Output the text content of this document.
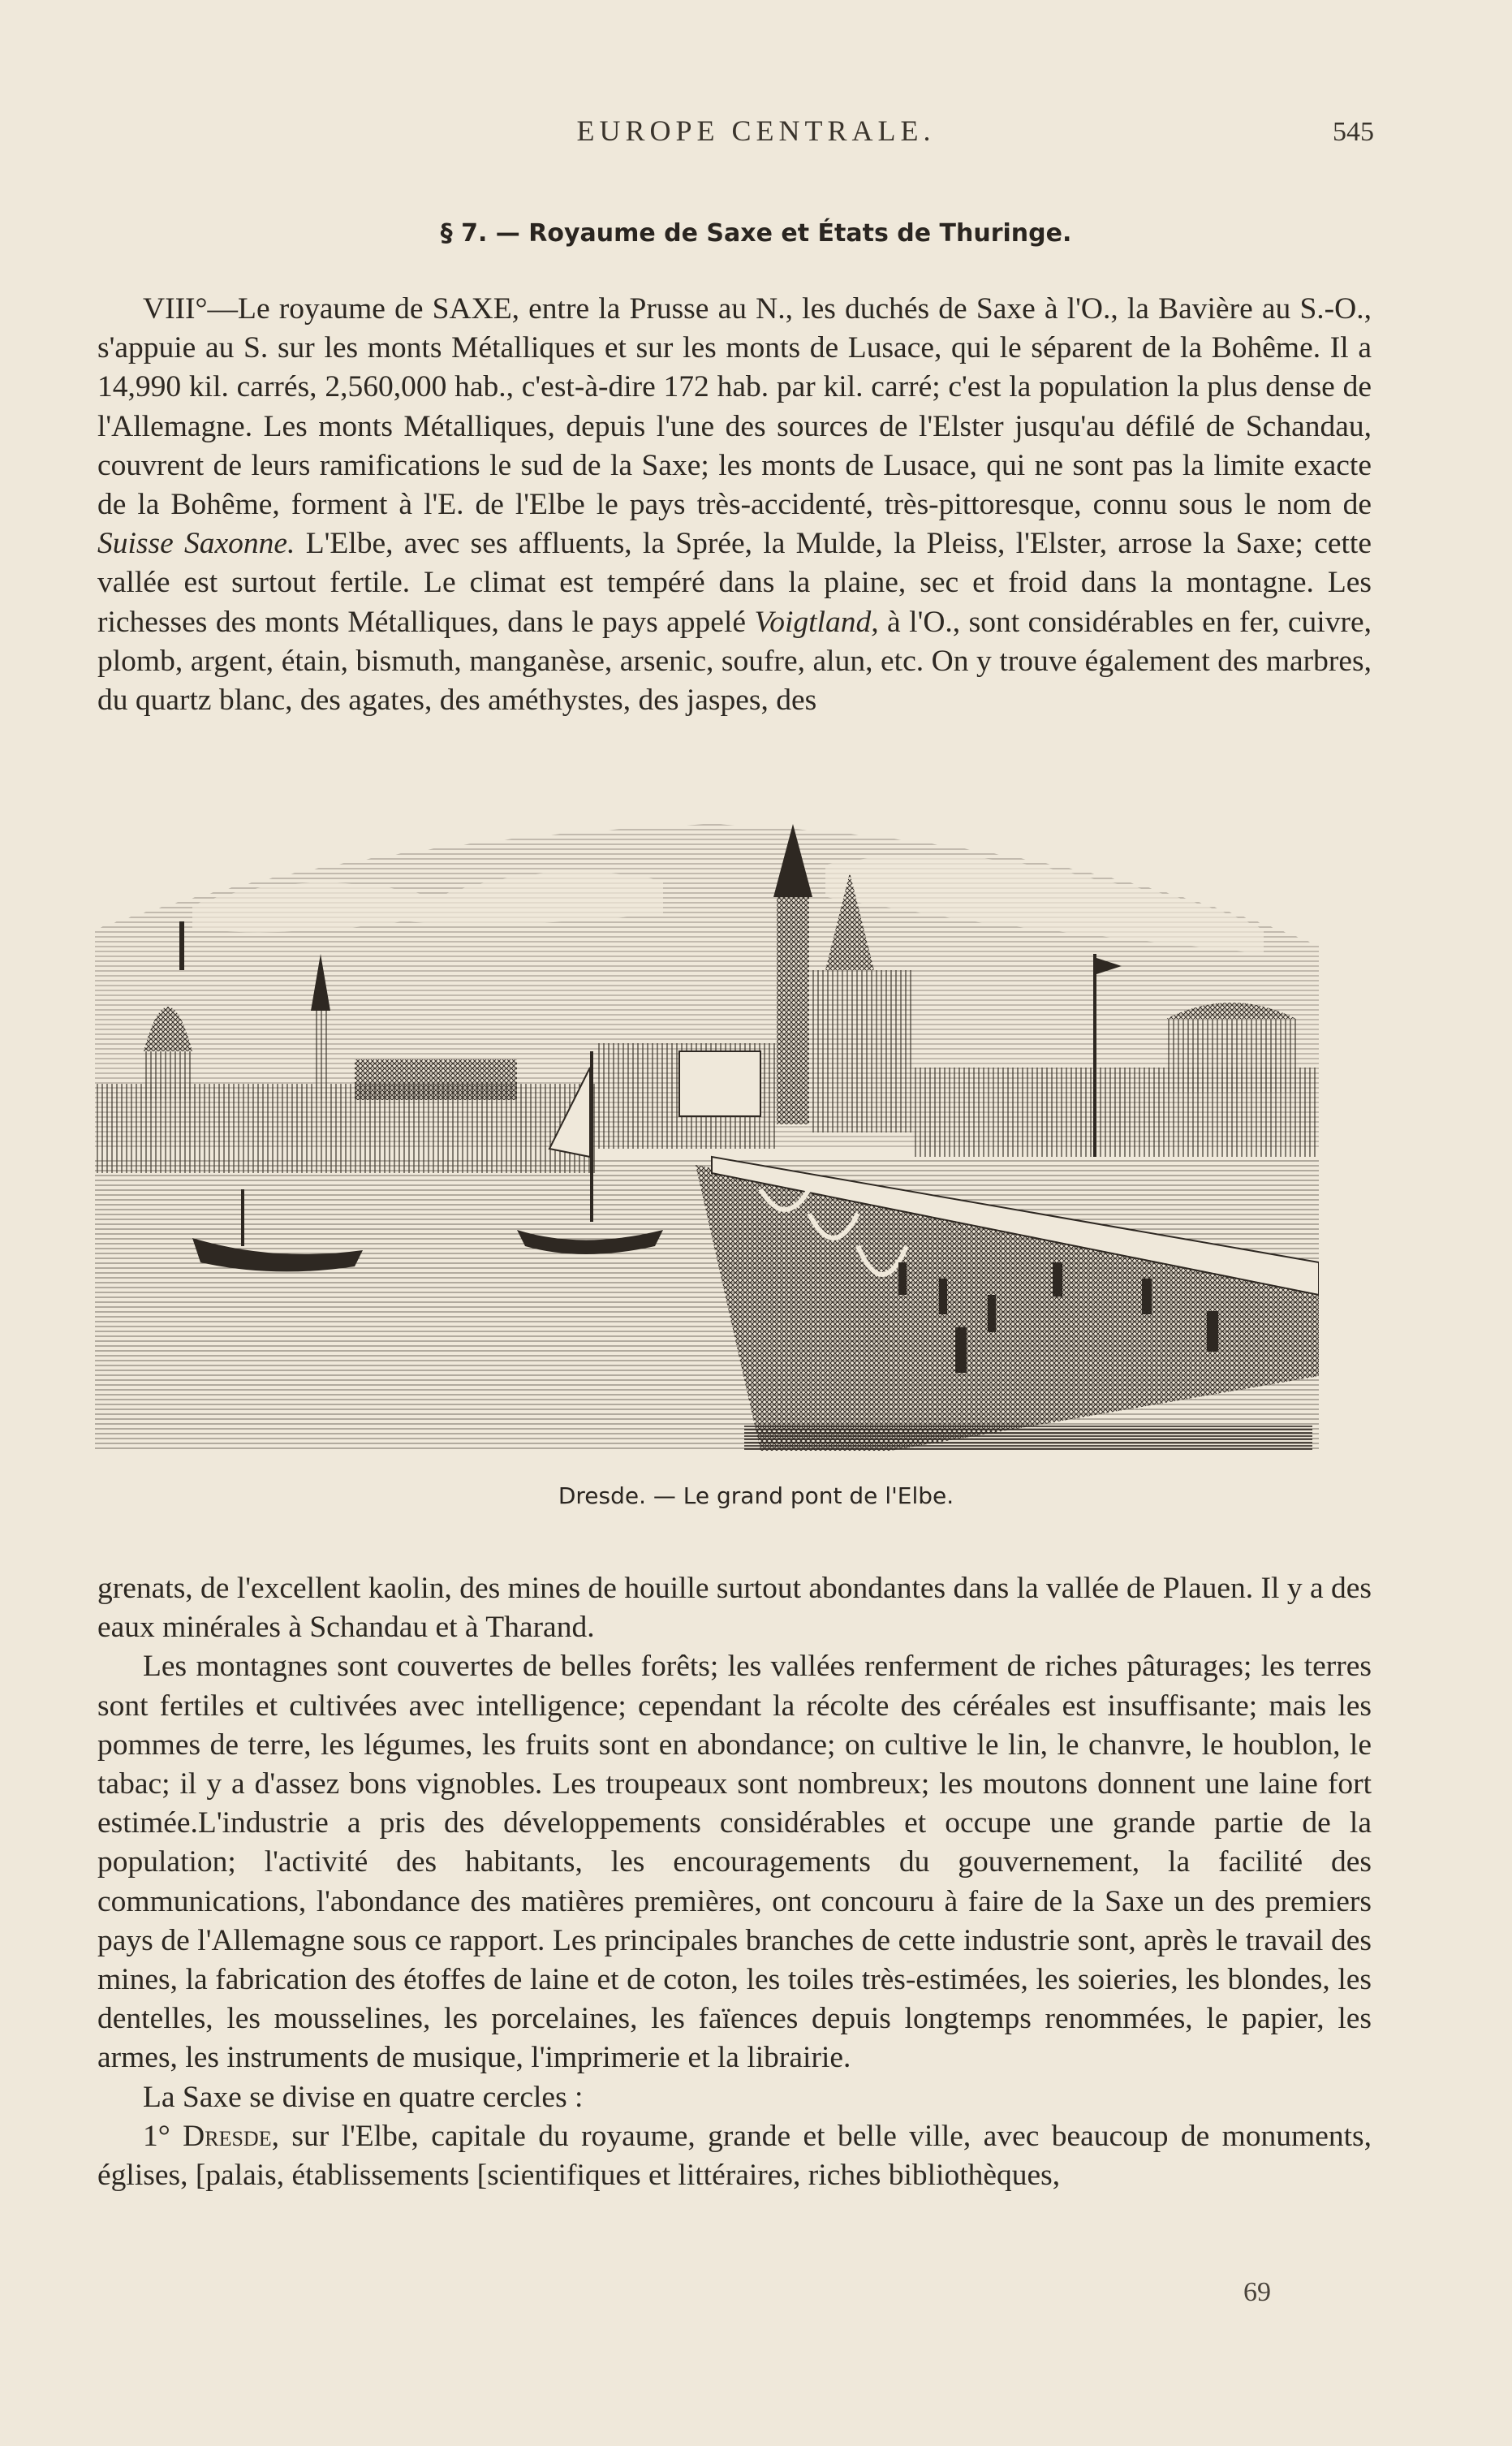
EUROPE CENTRALE.	545
§ 7. — Royaume de Saxe et États de Thuringe.

VIII°—Le royaume de SAXE, entre la Prusse au N., les duchés de Saxe à l'O., la Bavière au S.-O., s'appuie au S. sur les monts Métalliques et sur les monts de Lusace, qui le séparent de la Bohême. Il a 14,990 kil. carrés, 2,560,000 hab., c'est-à-dire 172 hab. par kil. carré; c'est la population la plus dense de l'Allemagne. Les monts Métalliques, depuis l'une des sources de l'Elster jusqu'au défilé de Schandau, couvrent de leurs ramifications le sud de la Saxe; les monts de Lusace, qui ne sont pas la limite exacte de la Bohême, forment à l'E. de l'Elbe le pays très-accidenté, très-pittoresque, connu sous le nom de Suisse Saxonne. L'Elbe, avec ses affluents, la Sprée, la Mulde, la Pleiss, l'Elster, arrose la Saxe; cette vallée est surtout fertile. Le climat est tempéré dans la plaine, sec et froid dans la montagne. Les richesses des monts Métalliques, dans le pays appelé Voigtland, à l'O., sont considérables en fer, cuivre, plomb, argent, étain, bismuth, manganèse, arsenic, soufre, alun, etc. On y trouve également des marbres, du quartz blanc, des agates, des améthystes, des jaspes, des

Dresde. — Le grand pont de l'Elbe.

grenats, de l'excellent kaolin, des mines de houille surtout abondantes dans la vallée de Plauen. Il y a des eaux minérales à Schandau et à Tharand.

Les montagnes sont couvertes de belles forêts; les vallées renferment de riches pâturages; les terres sont fertiles et cultivées avec intelligence; cependant la récolte des céréales est insuffisante; mais les pommes de terre, les légumes, les fruits sont en abondance; on cultive le lin, le chanvre, le houblon, le tabac; il y a d'assez bons vignobles. Les troupeaux sont nombreux; les moutons donnent une laine fort estimée.L'industrie a pris des développements considérables et occupe une grande partie de la population; l'activité des habitants, les encouragements du gouvernement, la facilité des communications, l'abondance des matières premières, ont concouru à faire de la Saxe un des premiers pays de l'Allemagne sous ce rapport. Les principales branches de cette industrie sont, après le travail des mines, la fabrication des étoffes de laine et de coton, les toiles très-estimées, les soieries, les blondes, les dentelles, les mousselines, les porcelaines, les faïences depuis longtemps renommées, le papier, les armes, les instruments de musique, l'imprimerie et la librairie.

La Saxe se divise en quatre cercles :

1° Dresde, sur l'Elbe, capitale du royaume, grande et belle ville, avec beaucoup de monuments, églises, [palais, établissements [scientifiques et littéraires, riches bibliothèques,

69
